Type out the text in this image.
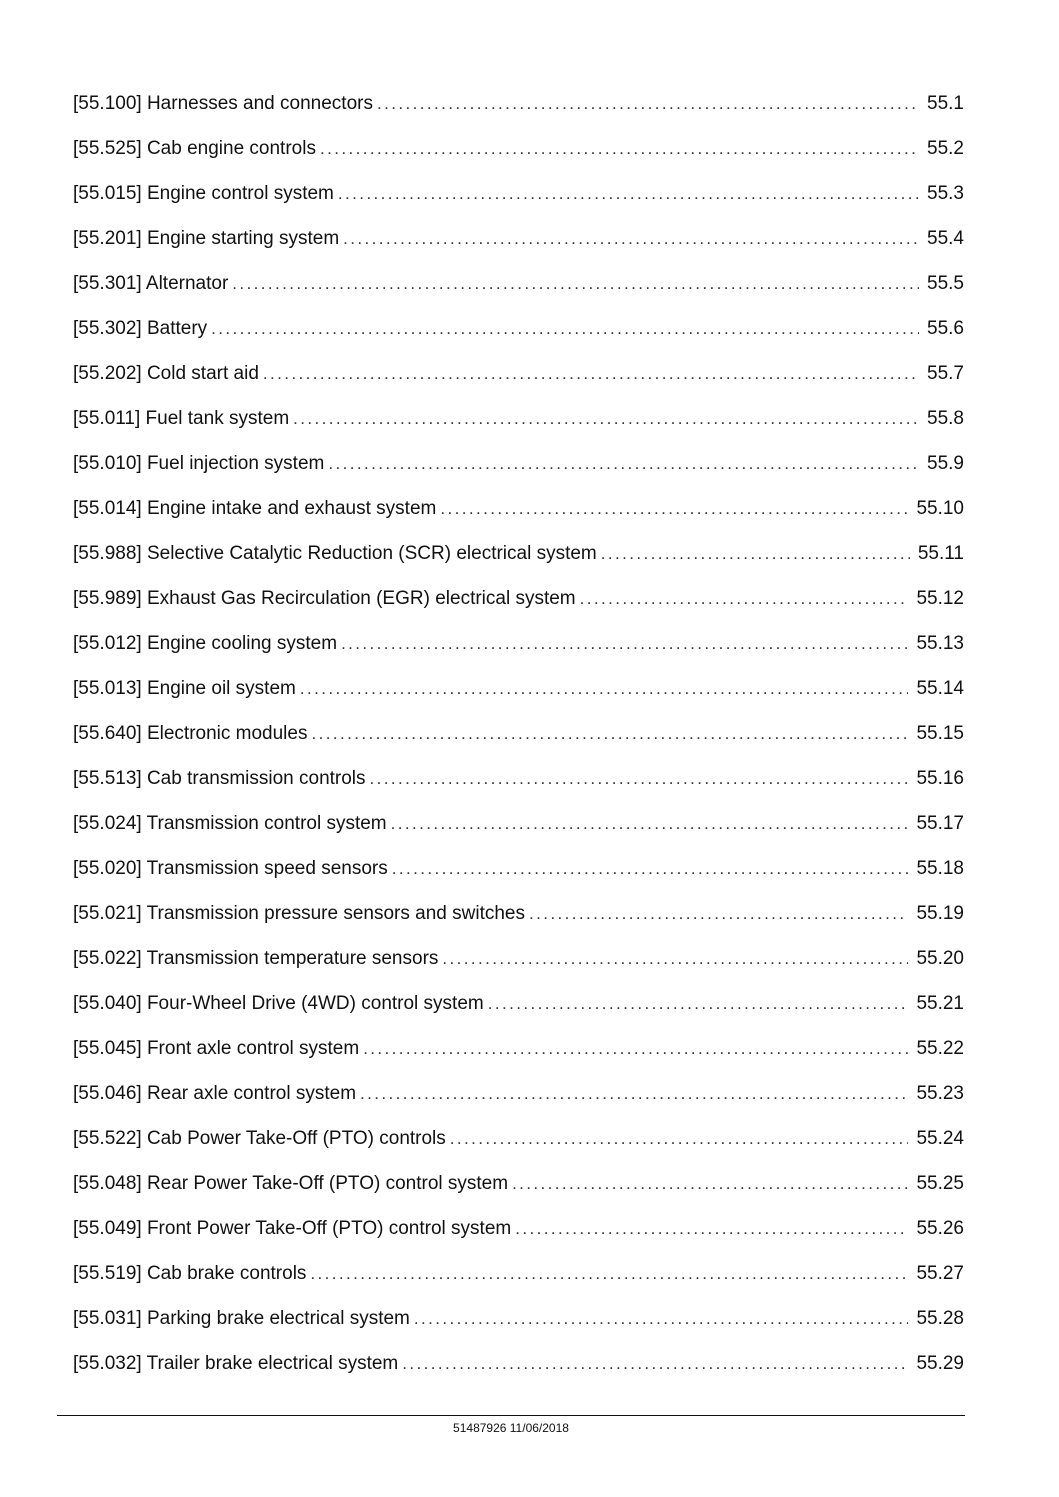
[55.100] Harnesses and connectors .....	55.1
[55.525] Cab engine controls .....	55.2
[55.015] Engine control system .....	55.3
[55.201] Engine starting system .....	55.4
[55.301] Alternator .....	55.5
[55.302] Battery .....	55.6
[55.202] Cold start aid .....	55.7
[55.011] Fuel tank system .....	55.8
[55.010] Fuel injection system .....	55.9
[55.014] Engine intake and exhaust system .....	55.10
[55.988] Selective Catalytic Reduction (SCR) electrical system .....	55.11
[55.989] Exhaust Gas Recirculation (EGR) electrical system .....	55.12
[55.012] Engine cooling system .....	55.13
[55.013] Engine oil system .....	55.14
[55.640] Electronic modules .....	55.15
[55.513] Cab transmission controls .....	55.16
[55.024] Transmission control system .....	55.17
[55.020] Transmission speed sensors .....	55.18
[55.021] Transmission pressure sensors and switches .....	55.19
[55.022] Transmission temperature sensors .....	55.20
[55.040] Four-Wheel Drive (4WD) control system .....	55.21
[55.045] Front axle control system .....	55.22
[55.046] Rear axle control system .....	55.23
[55.522] Cab Power Take-Off (PTO) controls .....	55.24
[55.048] Rear Power Take-Off (PTO) control system .....	55.25
[55.049] Front Power Take-Off (PTO) control system .....	55.26
[55.519] Cab brake controls .....	55.27
[55.031] Parking brake electrical system .....	55.28
[55.032] Trailer brake electrical system .....	55.29
51487926 11/06/2018
